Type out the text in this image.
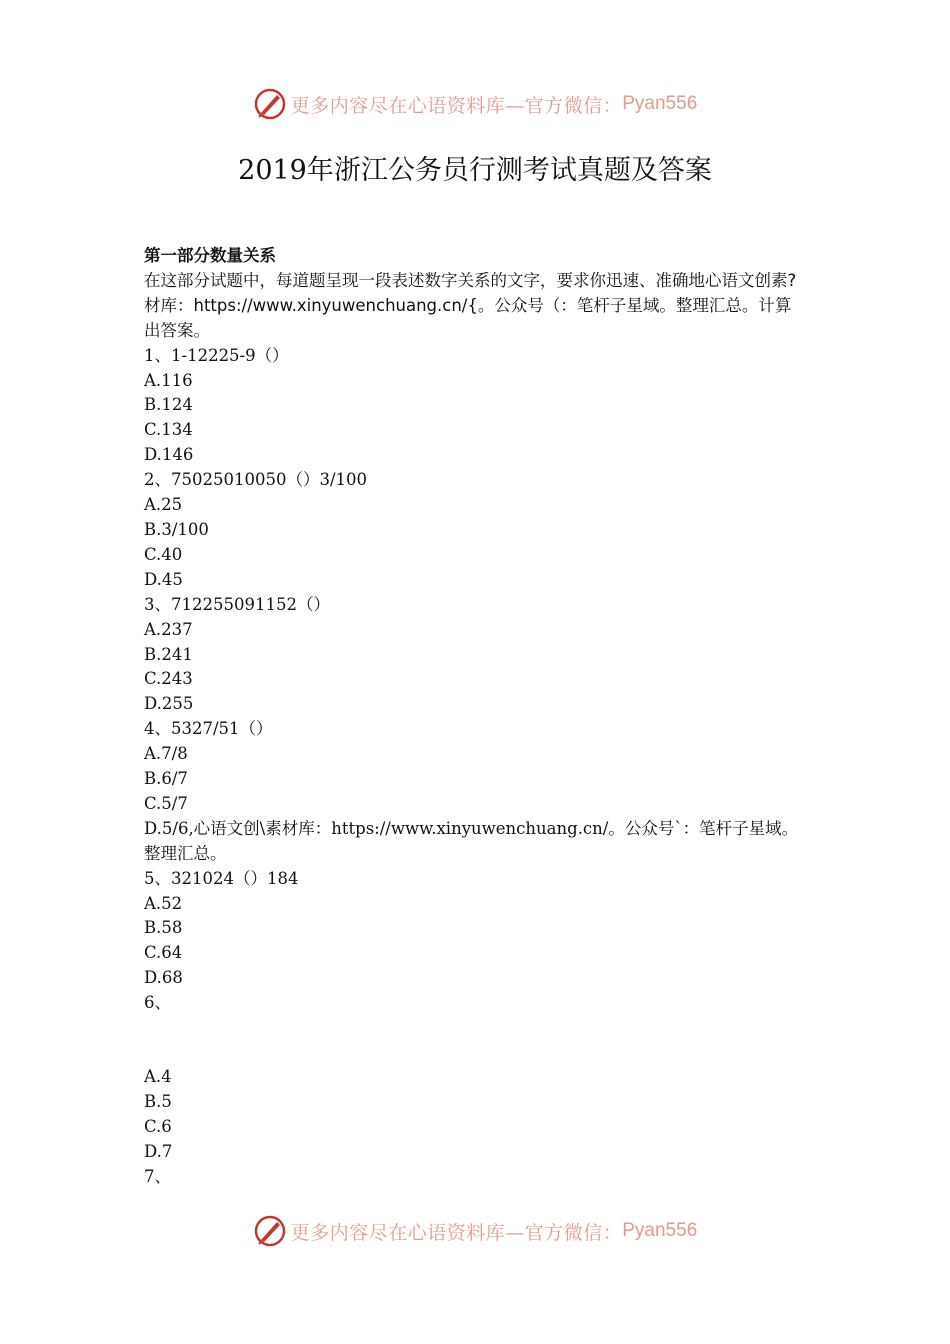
更多内容尽在心语资料库—官方微信： Pyan556
2019年浙江公务员行测考试真题及答案
第一部分数量关系
在这部分试题中，每道题呈现一段表述数字关系的文字，要求你迅速、准确地心语文创素?
材库：https://www.xinyuwenchuang.cn/{。公众号（：笔杆子星域。整理汇总。计算
出答案。
1、1-12225-9（）
A.116
B.124
C.134
D.146
2、75025010050（）3/100
A.25
B.3/100
C.40
D.45
3、712255091152（）
A.237
B.241
C.243
D.255
4、5327/51（）
A.7/8
B.6/7
C.5/7
D.5/6,心语文创\素材库：https://www.xinyuwenchuang.cn/。公众号`：笔杆子星域。
整理汇总。
5、321024（）184
A.52
B.58
C.64
D.68
6、
A.4
B.5
C.6
D.7
7、
更多内容尽在心语资料库—官方微信： Pyan556
